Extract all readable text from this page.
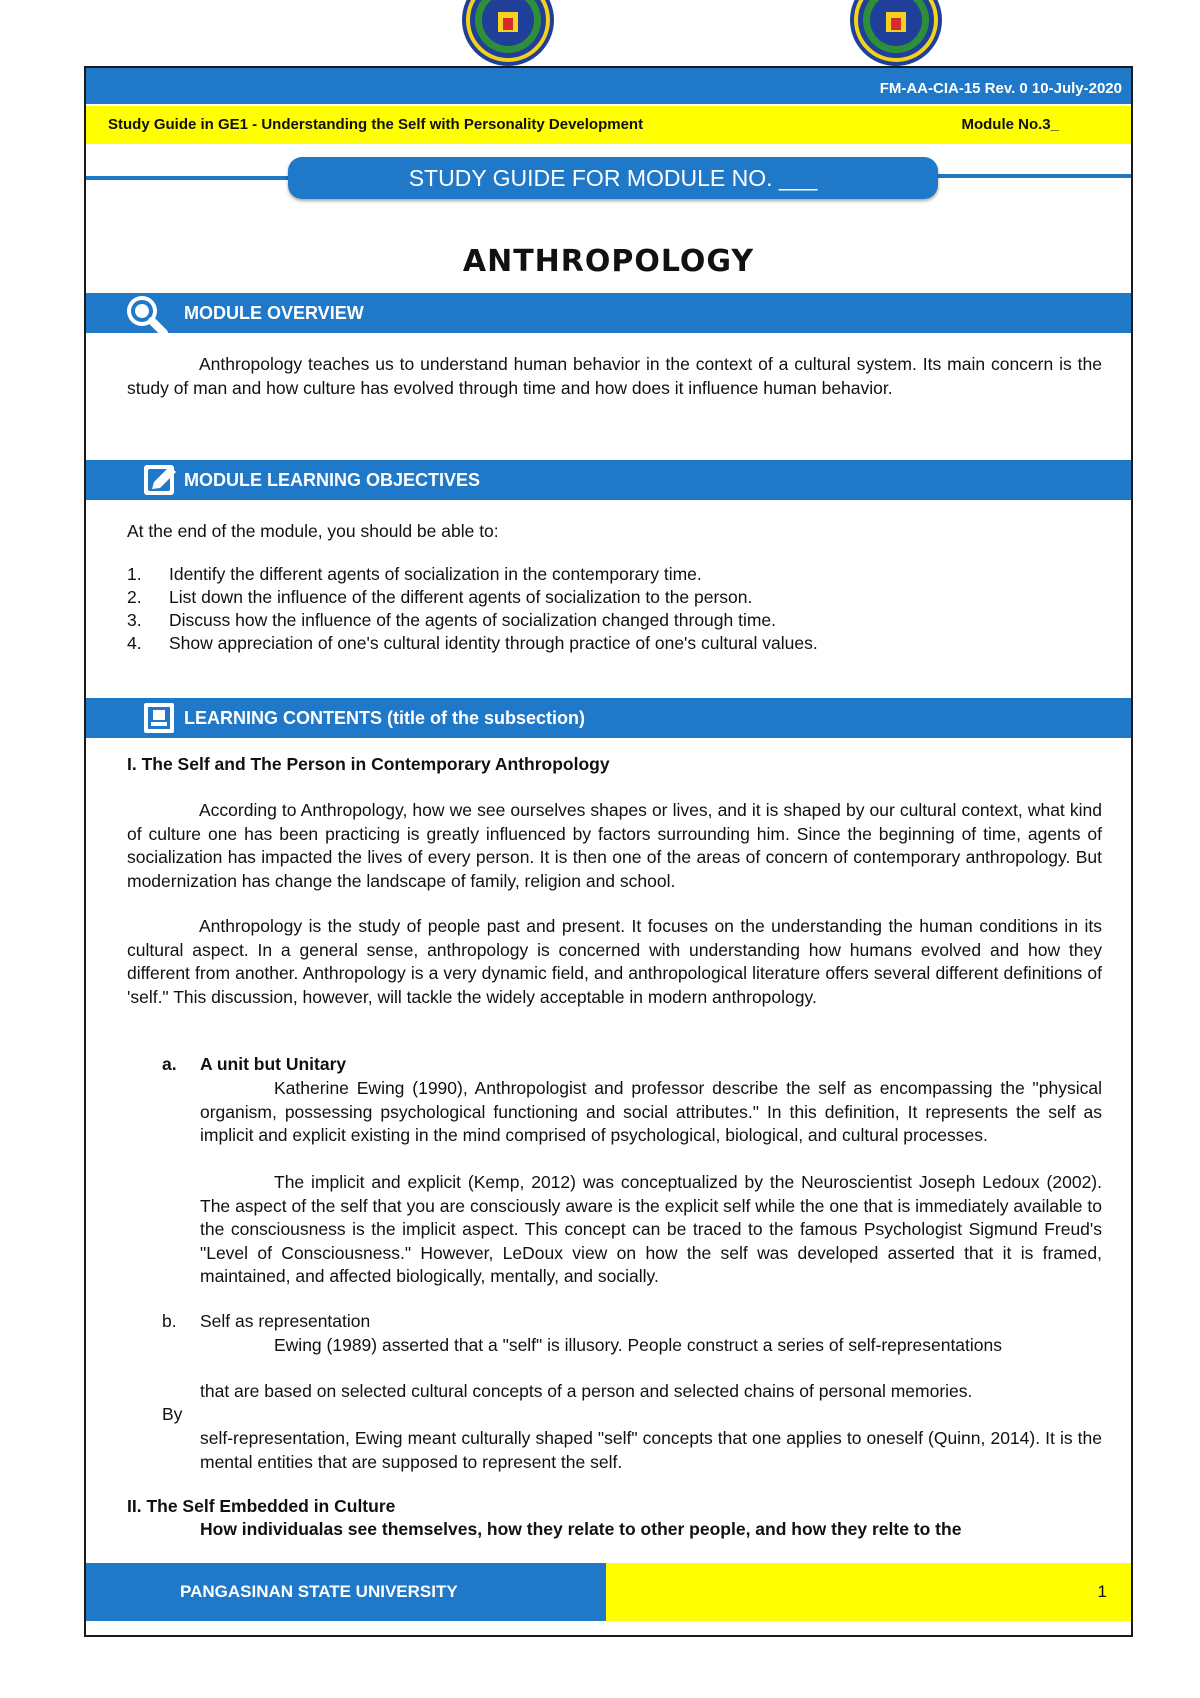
FM-AA-CIA-15 Rev. 0 10-July-2020
Study Guide in GE1 - Understanding the Self with Personality Development	Module No.3_
STUDY GUIDE FOR MODULE NO. ___
ANTHROPOLOGY
MODULE OVERVIEW
Anthropology teaches us to understand human behavior in the context of a cultural system. Its main concern is the study of man and how culture has evolved through time and how does it influence human behavior.
MODULE LEARNING OBJECTIVES
At the end of the module, you should be able to:
1. Identify the different agents of socialization in the contemporary time.
2. List down the influence of the different agents of socialization to the person.
3. Discuss how the influence of the agents of socialization changed through time.
4. Show appreciation of one's cultural identity through practice of one's cultural values.
LEARNING CONTENTS (title of the subsection)
I. The Self and The Person in Contemporary Anthropology
According to Anthropology, how we see ourselves shapes or lives, and it is shaped by our cultural context, what kind of culture one has been practicing is greatly influenced by factors surrounding him. Since the beginning of time, agents of socialization has impacted the lives of every person. It is then one of the areas of concern of contemporary anthropology. But modernization has change the landscape of family, religion and school.
Anthropology is the study of people past and present. It focuses on the understanding the human conditions in its cultural aspect. In a general sense, anthropology is concerned with understanding how humans evolved and how they different from another. Anthropology is a very dynamic field, and anthropological literature offers several different definitions of 'self." This discussion, however, will tackle the widely acceptable in modern anthropology.
a. A unit but Unitary
Katherine Ewing (1990), Anthropologist and professor describe the self as encompassing the "physical organism, possessing psychological functioning and social attributes." In this definition, It represents the self as implicit and explicit existing in the mind comprised of psychological, biological, and cultural processes.
The implicit and explicit (Kemp, 2012) was conceptualized by the Neuroscientist Joseph Ledoux (2002). The aspect of the self that you are consciously aware is the explicit self while the one that is immediately available to the consciousness is the implicit aspect. This concept can be traced to the famous Psychologist Sigmund Freud's "Level of Consciousness." However, LeDoux view on how the self was developed asserted that it is framed, maintained, and affected biologically, mentally, and socially.
b. Self as representation
Ewing (1989) asserted that a "self" is illusory. People construct a series of self-representations
that are based on selected cultural concepts of a person and selected chains of personal memories.
By
self-representation, Ewing meant culturally shaped "self" concepts that one applies to oneself (Quinn, 2014). It is the mental entities that are supposed to represent the self.
II. The Self Embedded in Culture
How individualas see themselves, how they relate to other people, and how they relte to the
PANGASINAN STATE UNIVERSITY	1
